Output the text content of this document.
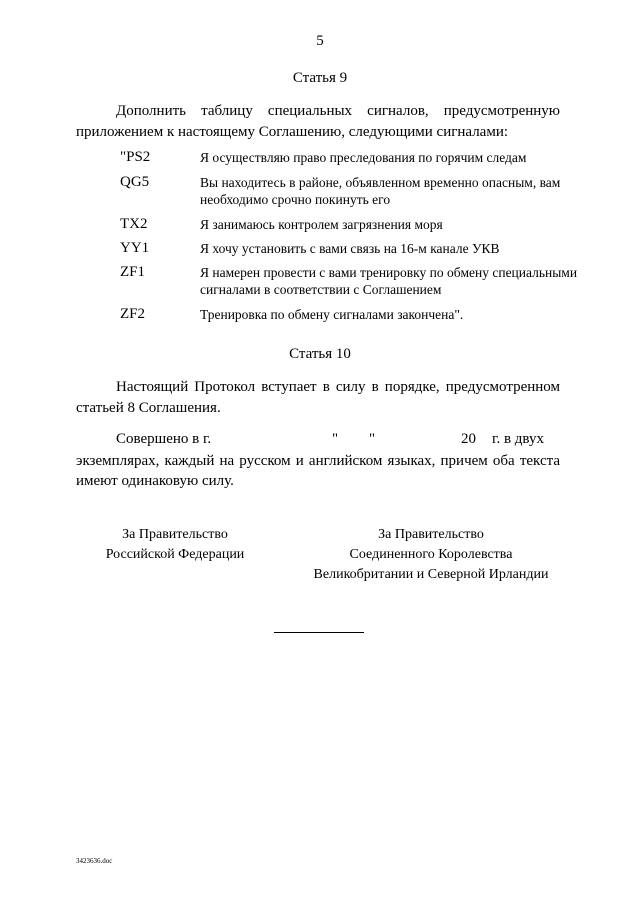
5
Статья 9
Дополнить таблицу специальных сигналов, предусмотренную приложением к настоящему Соглашению, следующими сигналами:
"PS2	Я осуществляю право преследования по горячим следам
QG5	Вы находитесь в районе, объявленном временно опасным, вам необходимо срочно покинуть его
TX2	Я занимаюсь контролем загрязнения моря
YY1	Я хочу установить с вами связь на 16-м канале УКВ
ZF1	Я намерен провести с вами тренировку по обмену специальными сигналами в соответствии с Соглашением
ZF2	Тренировка по обмену сигналами закончена".
Статья 10
Настоящий Протокол вступает в силу в порядке, предусмотренном статьей 8 Соглашения.
Совершено в г.	" "	20 г. в двух
экземплярах, каждый на русском и английском языках, причем оба текста имеют одинаковую силу.
За Правительство
Российской Федерации
За Правительство
Соединенного Королевства
Великобритании и Северной Ирландии
3423636.doc
